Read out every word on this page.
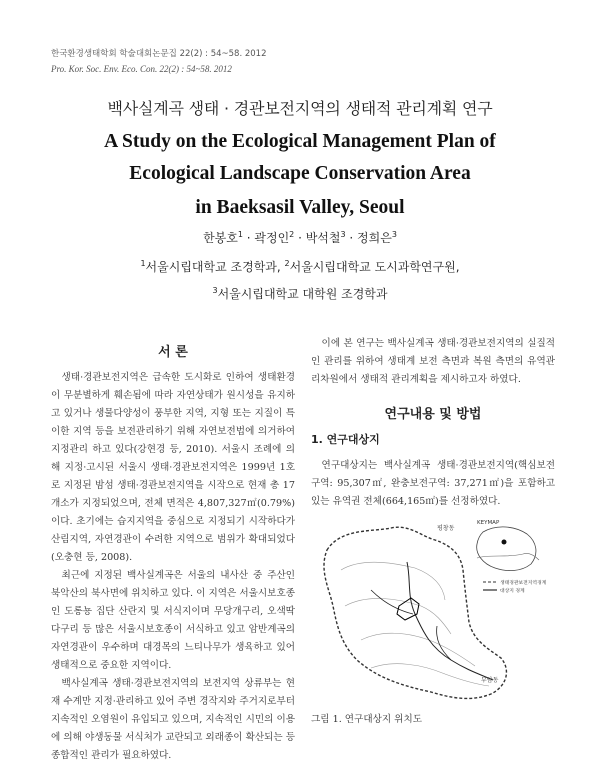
한국환경생태학회 학술대회논문집 22(2) : 54~58. 2012
Pro. Kor. Soc. Env. Eco. Con. 22(2) : 54~58. 2012
백사실계곡 생태 · 경관보전지역의 생태적 관리계획 연구
A Study on the Ecological Management Plan of
Ecological Landscape Conservation Area
in Baeksasil Valley, Seoul
한봉호$^1$ · 곽정인$^2$ · 박석철$^3$ · 정희은$^3$
$^1$서울시립대학교 조경학과, $^2$서울시립대학교 도시과학연구원,
$^3$서울시립대학교 대학원 조경학과
서 론

생태·경관보전지역은 급속한 도시화로 인하여 생태환경이 무분별하게 훼손됨에 따라 자연상태가 원시성을 유지하고 있거나 생물다양성이 풍부한 지역, 지형 또는 지질이 특이한 지역 등을 보전관리하기 위해 자연보전법에 의거하여 지정관리 하고 있다(강현경 등, 2010). 서울시 조례에 의해 지정·고시된 서울시 생태·경관보전지역은 1999년 1호로 지정된 밤섬 생태·경관보전지역을 시작으로 현재 총 17개소가 지정되었으며, 전체 면적은 4,807,327㎡(0.79%)이다. 초기에는 습지지역을 중심으로 지정되기 시작하다가 산림지역, 자연경관이 수려한 지역으로 범위가 확대되었다(오충현 등, 2008).

최근에 지정된 백사실계곡은 서울의 내사산 중 주산인 북악산의 북사면에 위치하고 있다. 이 지역은 서울시보호종인 도롱뇽 집단 산란지 및 서식지이며 무당개구리, 오색딱다구리 등 많은 서울시보호종이 서식하고 있고 암반계곡의 자연경관이 우수하며 대경목의 느티나무가 생육하고 있어 생태적으로 중요한 지역이다.

백사실계곡 생태·경관보전지역의 보전지역 상류부는 현재 수계만 지정·관리하고 있어 주변 경작지와 주거지로부터 지속적인 오염원이 유입되고 있으며, 지속적인 시민의 이용에 의해 야생동물 서식처가 교란되고 외래종이 확산되는 등 종합적인 관리가 필요하였다.

이에 본 연구는 백사실계곡 생태·경관보전지역의 실질적인 관리를 위하여 생태계 보전 측면과 복원 측면의 유역관리차원에서 생태적 관리계획을 제시하고자 하였다.

연구내용 및 방법
1. 연구대상지

연구대상지는 백사실계곡 생태·경관보전지역(핵심보전구역: 95,307㎡, 완충보전구역: 37,271㎡)을 포함하고 있는 유역권 전체(664,165㎡)를 선정하였다.

평창동
부암동
KEYMAP
생태경관보전지역경계
대상지 경계
그림 1. 연구대상지 위치도
